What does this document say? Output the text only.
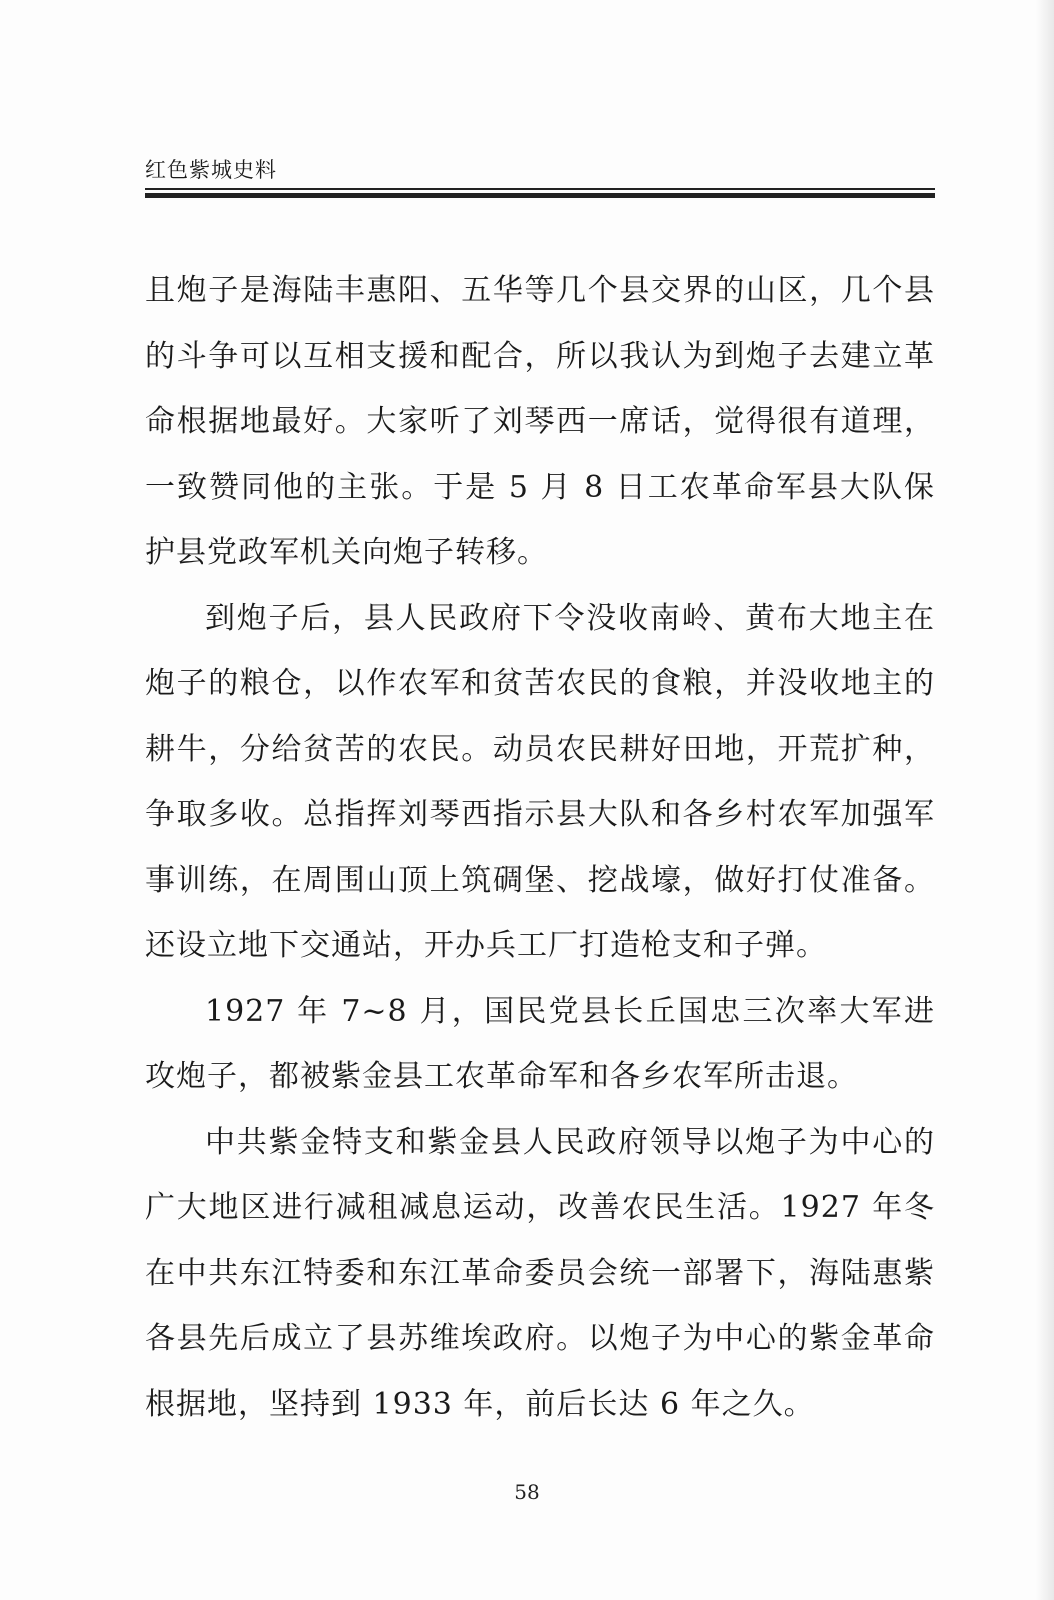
红色紫城史料

且炮子是海陆丰惠阳、五华等几个县交界的山区，几个县的斗争可以互相支援和配合，所以我认为到炮子去建立革命根据地最好。大家听了刘琴西一席话，觉得很有道理，一致赞同他的主张。于是 5 月 8 日工农革命军县大队保护县党政军机关向炮子转移。

到炮子后，县人民政府下令没收南岭、黄布大地主在炮子的粮仓，以作农军和贫苦农民的食粮，并没收地主的耕牛，分给贫苦的农民。动员农民耕好田地，开荒扩种，争取多收。总指挥刘琴西指示县大队和各乡村农军加强军事训练，在周围山顶上筑碉堡、挖战壕，做好打仗准备。还设立地下交通站，开办兵工厂打造枪支和子弹。

1927 年 7~8 月，国民党县长丘国忠三次率大军进攻炮子，都被紫金县工农革命军和各乡农军所击退。

中共紫金特支和紫金县人民政府领导以炮子为中心的广大地区进行减租减息运动，改善农民生活。1927 年冬在中共东江特委和东江革命委员会统一部署下，海陆惠紫各县先后成立了县苏维埃政府。以炮子为中心的紫金革命根据地，坚持到 1933 年，前后长达 6 年之久。

58
